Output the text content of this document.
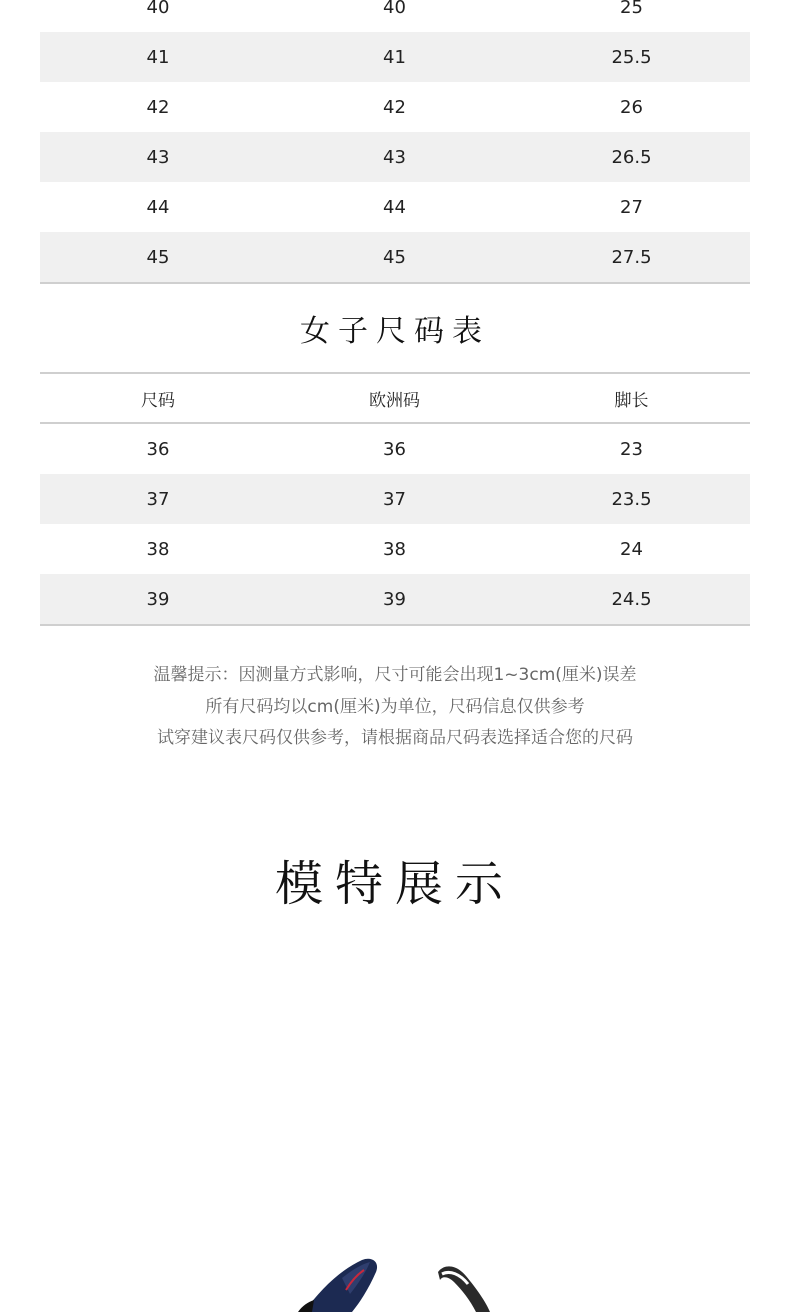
40	40	25
41	41	25.5
42	42	26
43	43	26.5
44	44	27
45	45	27.5
女子尺码表
尺码	欧洲码	脚长
36	36	23
37	37	23.5
38	38	24
39	39	24.5
温馨提示：因测量方式影响，尺寸可能会出现1~3cm(厘米)误差
所有尺码均以cm(厘米)为单位，尺码信息仅供参考
试穿建议表尺码仅供参考，请根据商品尺码表选择适合您的尺码
模特展示
